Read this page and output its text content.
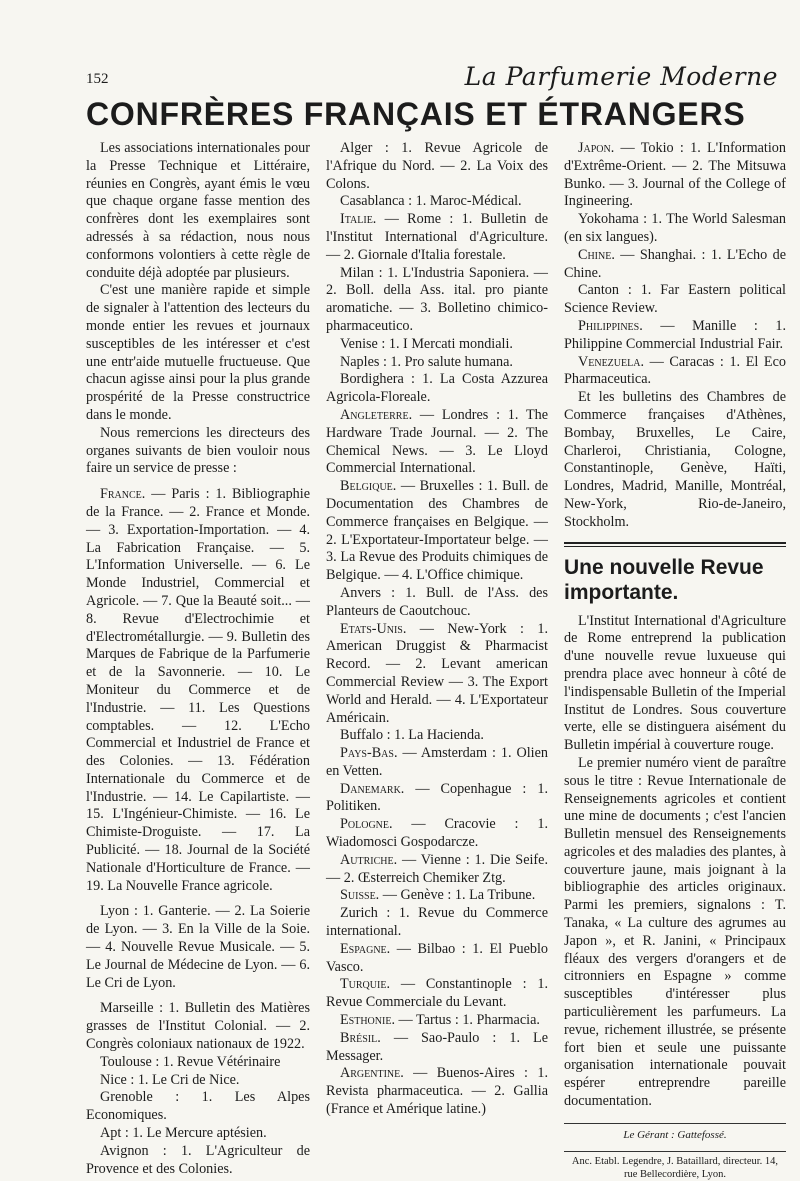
152	La Parfumerie Moderne
CONFRÈRES FRANÇAIS ET ÉTRANGERS

Les associations internationales pour la Presse Technique et Littéraire, réunies en Congrès, ayant émis le vœu que chaque organe fasse mention des confrères dont les exemplaires sont adressés à sa rédaction, nous nous conformons volontiers à cette règle de conduite déjà adoptée par plusieurs.

C'est une manière rapide et simple de signaler à l'attention des lecteurs du monde entier les revues et journaux susceptibles de les intéresser et c'est une entr'aide mutuelle fructueuse. Que chacun agisse ainsi pour la plus grande prospérité de la Presse constructrice dans le monde.

Nous remercions les directeurs des organes suivants de bien vouloir nous faire un service de presse :

France. — Paris : 1. Bibliographie de la France. — 2. France et Monde. — 3. Exportation-Importation. — 4. La Fabrication Française. — 5. L'Information Universelle. — 6. Le Monde Industriel, Commercial et Agricole. — 7. Que la Beauté soit... — 8. Revue d'Electrochimie et d'Electrométallurgie. — 9. Bulletin des Marques de Fabrique de la Parfumerie et de la Savonnerie. — 10. Le Moniteur du Commerce et de l'Industrie. — 11. Les Questions comptables. — 12. L'Echo Commercial et Industriel de France et des Colonies. — 13. Fédération Internationale du Commerce et de l'Industrie. — 14. Le Capilartiste. — 15. L'Ingénieur-Chimiste. — 16. Le Chimiste-Droguiste. — 17. La Publicité. — 18. Journal de la Société Nationale d'Horticulture de France. — 19. La Nouvelle France agricole.

Lyon : 1. Ganterie. — 2. La Soierie de Lyon. — 3. En la Ville de la Soie. — 4. Nouvelle Revue Musicale. — 5. Le Journal de Médecine de Lyon. — 6. Le Cri de Lyon.

Marseille : 1. Bulletin des Matières grasses de l'Institut Colonial. — 2. Congrès coloniaux nationaux de 1922.

Toulouse : 1. Revue Vétérinaire

Nice : 1. Le Cri de Nice.

Grenoble : 1. Les Alpes Economiques.

Apt : 1. Le Mercure aptésien.

Avignon : 1. L'Agriculteur de Provence et des Colonies.

Alger : 1. Revue Agricole de l'Afrique du Nord. — 2. La Voix des Colons.

Casablanca : 1. Maroc-Médical.

Italie. — Rome : 1. Bulletin de l'Institut International d'Agriculture. — 2. Giornale d'Italia forestale.

Milan : 1. L'Industria Saponiera. — 2. Boll. della Ass. ital. pro piante aromatiche. — 3. Bolletino chimico-pharmaceutico.

Venise : 1. I Mercati mondiali.

Naples : 1. Pro salute humana.

Bordighera : 1. La Costa Azzurea Agricola-Floreale.

Angleterre. — Londres : 1. The Hardware Trade Journal. — 2. The Chemical News. — 3. Le Lloyd Commercial International.

Belgique. — Bruxelles : 1. Bull. de Documentation des Chambres de Commerce françaises en Belgique. — 2. L'Exportateur-Importateur belge. — 3. La Revue des Produits chimiques de Belgique. — 4. L'Office chimique.

Anvers : 1. Bull. de l'Ass. des Planteurs de Caoutchouc.

Etats-Unis. — New-York : 1. American Druggist & Pharmacist Record. — 2. Levant american Commercial Review — 3. The Export World and Herald. — 4. L'Exportateur Américain.

Buffalo : 1. La Hacienda.

Pays-Bas. — Amsterdam : 1. Olien en Vetten.

Danemark. — Copenhague : 1. Politiken.

Pologne. — Cracovie : 1. Wiadomosci Gospodarcze.

Autriche. — Vienne : 1. Die Seife. — 2. Œsterreich Chemiker Ztg.

Suisse. — Genève : 1. La Tribune.

Zurich : 1. Revue du Commerce international.

Espagne. — Bilbao : 1. El Pueblo Vasco.

Turquie. — Constantinople : 1. Revue Commerciale du Levant.

Esthonie. — Tartus : 1. Pharmacia.

Brésil. — Sao-Paulo : 1. Le Messager.

Argentine. — Buenos-Aires : 1. Revista pharmaceutica. — 2. Gallia (France et Amérique latine.)

Japon. — Tokio : 1. L'Information d'Extrême-Orient. — 2. The Mitsuwa Bunko. — 3. Journal of the College of Ingineering.

Yokohama : 1. The World Salesman (en six langues).

Chine. — Shanghai. : 1. L'Echo de Chine.

Canton : 1. Far Eastern political Science Review.

Philippines. — Manille : 1. Philippine Commercial Industrial Fair.

Venezuela. — Caracas : 1. El Eco Pharmaceutica.

Et les bulletins des Chambres de Commerce françaises d'Athènes, Bombay, Bruxelles, Le Caire, Charleroi, Christiania, Cologne, Constantinople, Genève, Haïti, Londres, Madrid, Manille, Montréal, New-York, Rio-de-Janeiro, Stockholm.

Une nouvelle Revue importante.

L'Institut International d'Agriculture de Rome entreprend la publication d'une nouvelle revue luxueuse qui prendra place avec honneur à côté de l'indispensable Bulletin of the Imperial Institut de Londres. Sous couverture verte, elle se distinguera aisément du Bulletin impérial à couverture rouge.

Le premier numéro vient de paraître sous le titre : Revue Internationale de Renseignements agricoles et contient une mine de documents ; c'est l'ancien Bulletin mensuel des Renseignements agricoles et des maladies des plantes, à couverture jaune, mais joignant à la bibliographie des articles originaux. Parmi les premiers, signalons : T. Tanaka, « La culture des agrumes au Japon », et R. Janini, « Principaux fléaux des vergers d'orangers et de citronniers en Espagne » comme susceptibles d'intéresser plus particulièrement les parfumeurs. La revue, richement illustrée, se présente fort bien et seule une puissante organisation internationale pouvait espérer entreprendre pareille documentation.

Le Gérant : Gattefossé.
Anc. Etabl. Legendre, J. Bataillard, directeur. 14, rue Bellecordière, Lyon.
